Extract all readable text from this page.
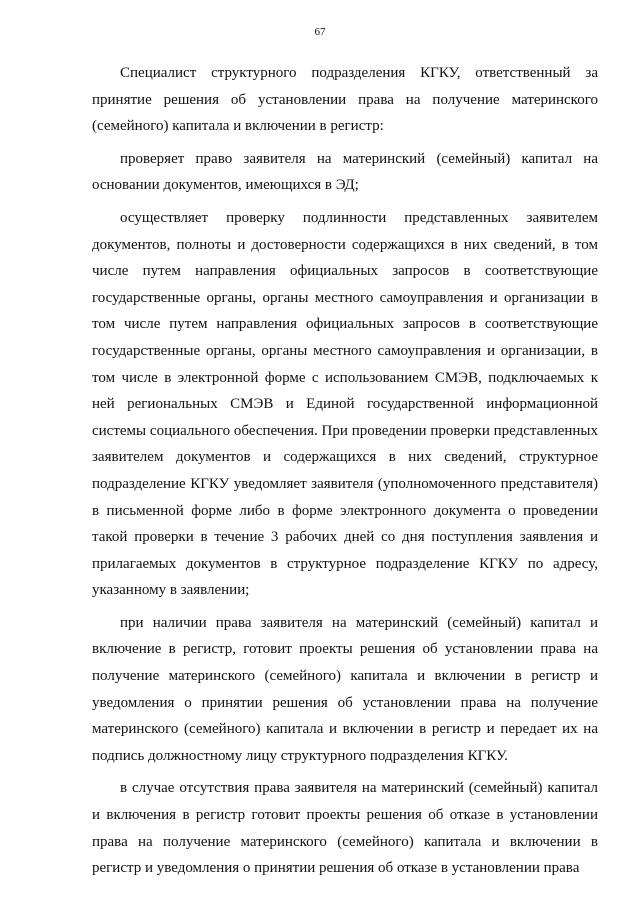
67

Специалист структурного подразделения КГКУ, ответственный за принятие решения об установлении права на получение материнского (семейного) капитала и включении в регистр:

проверяет право заявителя на материнский (семейный) капитал на основании документов, имеющихся в ЭД;

осуществляет проверку подлинности представленных заявителем документов, полноты и достоверности содержащихся в них сведений, в том числе путем направления официальных запросов в соответствующие государственные органы, органы местного самоуправления и организации в том числе путем направления официальных запросов в соответствующие государственные органы, органы местного самоуправления и организации, в том числе в электронной форме с использованием СМЭВ, подключаемых к ней региональных СМЭВ и Единой государственной информационной системы социального обеспечения. При проведении проверки представленных заявителем документов и содержащихся в них сведений, структурное подразделение КГКУ уведомляет заявителя (уполномоченного представителя) в письменной форме либо в форме электронного документа о проведении такой проверки в течение 3 рабочих дней со дня поступления заявления и прилагаемых документов в структурное подразделение КГКУ по адресу, указанному в заявлении;

при наличии права заявителя на материнский (семейный) капитал и включение в регистр, готовит проекты решения об установлении права на получение материнского (семейного) капитала и включении в регистр и уведомления о принятии решения об установлении права на получение материнского (семейного) капитала и включении в регистр и передает их на подпись должностному лицу структурного подразделения КГКУ.

в случае отсутствия права заявителя на материнский (семейный) капитал и включения в регистр готовит проекты решения об отказе в установлении права на получение материнского (семейного) капитала и включении в регистр и уведомления о принятии решения об отказе в установлении права
